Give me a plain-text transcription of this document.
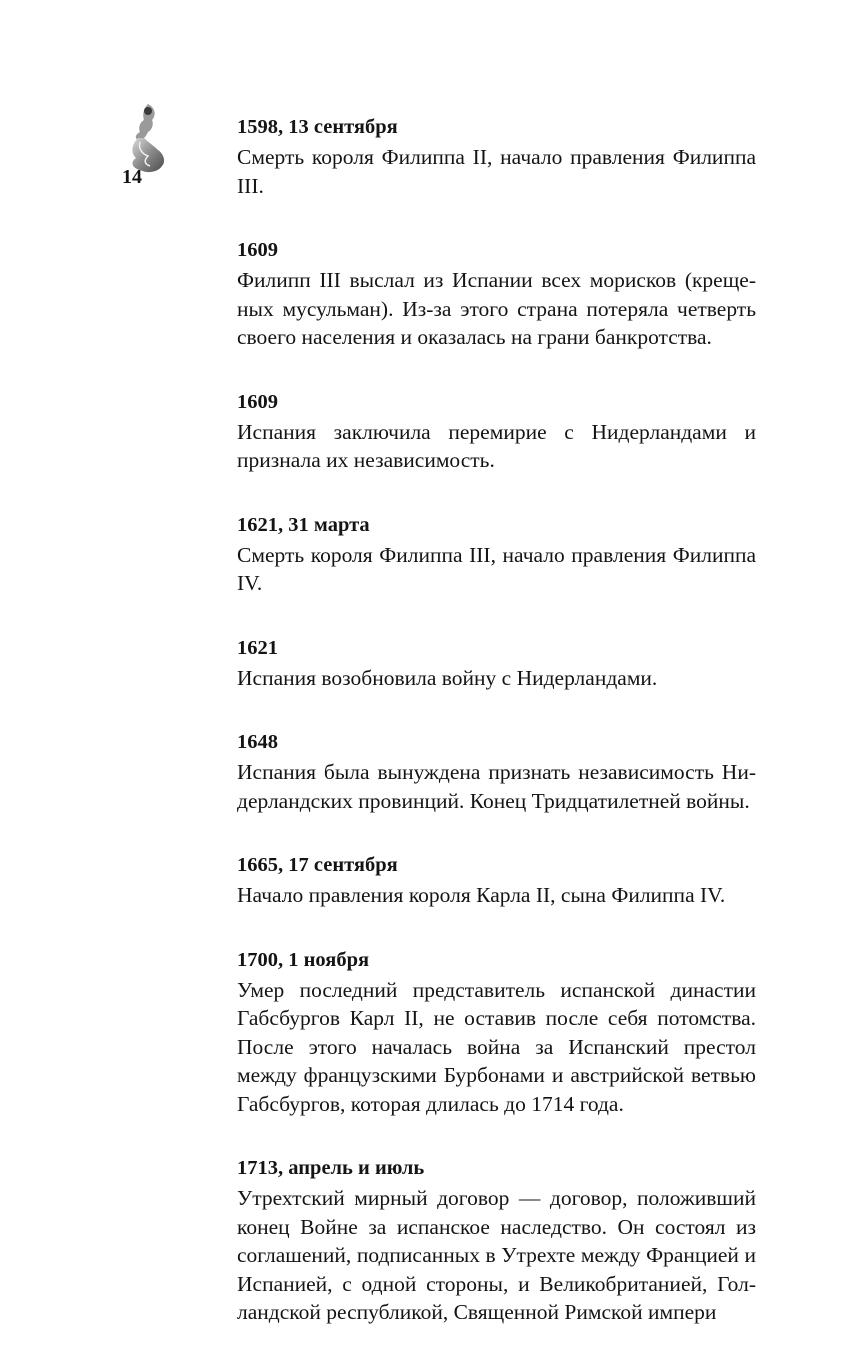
14
1598, 13 сентября

Смерть короля Филиппа II, начало правления Филиппа III.

1609

Филипп III выслал из Испании всех морисков (крещеных мусульман). Из-за этого страна потеряла четверть своего населения и оказалась на грани банкротства.

1609

Испания заключила перемирие с Нидерландами и признала их независимость.

1621, 31 марта

Смерть короля Филиппа III, начало правления Филиппа IV.

1621

Испания возобновила войну с Нидерландами.

1648

Испания была вынуждена признать независимость Нидерландских провинций. Конец Тридцатилетней войны.

1665, 17 сентября

Начало правления короля Карла II, сына Филиппа IV.

1700, 1 ноября

Умер последний представитель испанской династии Габсбургов Карл II, не оставив после себя потомства. После этого началась война за Испанский престол между французскими Бурбонами и австрийской ветвью Габсбургов, которая длилась до 1714 года.

1713, апрель и июль

Утрехтский мирный договор — договор, положивший конец Войне за испанское наследство. Он состоял из соглашений, подписанных в Утрехте между Францией и Испанией, с одной стороны, и Великобританией, Голландской республикой, Священной Римской импери
